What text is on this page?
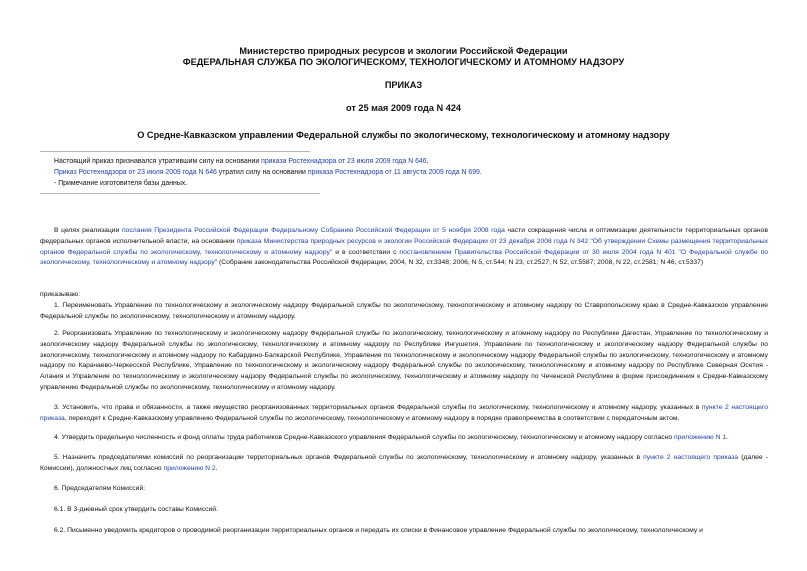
Министерство природных ресурсов и экологии Российской Федерации
ФЕДЕРАЛЬНАЯ СЛУЖБА ПО ЭКОЛОГИЧЕСКОМУ, ТЕХНОЛОГИЧЕСКОМУ И АТОМНОМУ НАДЗОРУ
ПРИКАЗ
от 25 мая 2009 года N 424
О Средне-Кавказском управлении Федеральной службы по экологическому, технологическому и атомному надзору
Настоящий приказ признавался утратившим силу на основании приказа Ростехнадзора от 23 июля 2009 года N 646.
Приказ Ростехнадзора от 23 июля 2009 года N 646 утратил силу на основании приказа Ростехнадзора от 11 августа 2009 года N 699.
- Примечание изготовителя базы данных.

В целях реализации послания Президента Российской Федерации Федеральному Собранию Российской Федерации от 5 ноября 2008 года части сокращения числа и оптимизации деятельности территориальных органов федеральных органов исполнительной власти, на основании приказа Министерства природных ресурсов и экологии Российской Федерации от 23 декабря 2008 года N 342 "Об утверждении Схемы размещения территориальных органов Федеральной службы по экологическому, технологическому и атомному надзору" и в соответствии с постановлением Правительства Российской Федерации от 30 июля 2004 года N 401 "О Федеральной службе по экологическому, технологическому и атомному надзору" (Собрание законодательства Российской Федерации, 2004, N 32, ст.3348; 2006, N 5, ст.544; N 23, ст.2527; N 52, ст.5587; 2008, N 22, ст.2581; N 46, ст.5337)

приказываю:

1. Переименовать Управление по технологическому и экологическому надзору Федеральной службы по экологическому, технологическому и атомному надзору по Ставропольскому краю в Средне-Кавказское управление Федеральной службы по экологическому, технологическому и атомному надзору.

2. Реорганизовать Управление по технологическому и экологическому надзору Федеральной службы по экологическому, технологическому и атомному надзору по Республике Дагестан, Управление по технологическому и экологическому надзору Федеральной службы по экологическому, технологическому и атомному надзору по Республике Ингушетия, Управление по технологическому и экологическому надзору Федеральной службы по экологическому, технологическому и атомному надзору по Кабардино-Балкарской Республике, Управление по технологическому и экологическому надзору Федеральной службы по экологическому, технологическому и атомному надзору по Карачаево-Черкесской Республике, Управление по технологическому и экологическому надзору Федеральной службы по экологическому, технологическому и атомному надзору по Республике Северная Осетия - Алания и Управление по технологическому и экологическому надзору Федеральной службы по экологическому, технологическому и атомному надзору по Чеченской Республике в форме присоединения к Средне-Кавказскому управлению Федеральной службы по экологическому, технологическому и атомному надзору.

3. Установить, что права и обязанности, а также имущество реорганизованных территориальных органов Федеральной службы по экологическому, технологическому и атомному надзору, указанных в пункте 2 настоящего приказа, переходят к Средне-Кавказскому управлению Федеральной службы по экологическому, технологическому и атомному надзору в порядке правопреемства в соответствии с передаточным актом.

4. Утвердить предельную численность и фонд оплаты труда работников Средне-Кавказского управления Федеральной службы по экологическому, технологическому и атомному надзору согласно приложению N 1.

5. Назначить председателями комиссий по реорганизации территориальных органов Федеральной службы по экологическому, технологическому и атомному надзору, указанных в пункте 2 настоящего приказа (далее - Комиссии), должностных лиц согласно приложению N 2.

6. Председателям Комиссий:

6.1. В 3-дневный срок утвердить составы Комиссий.

6.2. Письменно уведомить кредиторов о проводимой реорганизации территориальных органов и передать их списки в Финансовое управление Федеральной службы по экологическому, технологическому и
